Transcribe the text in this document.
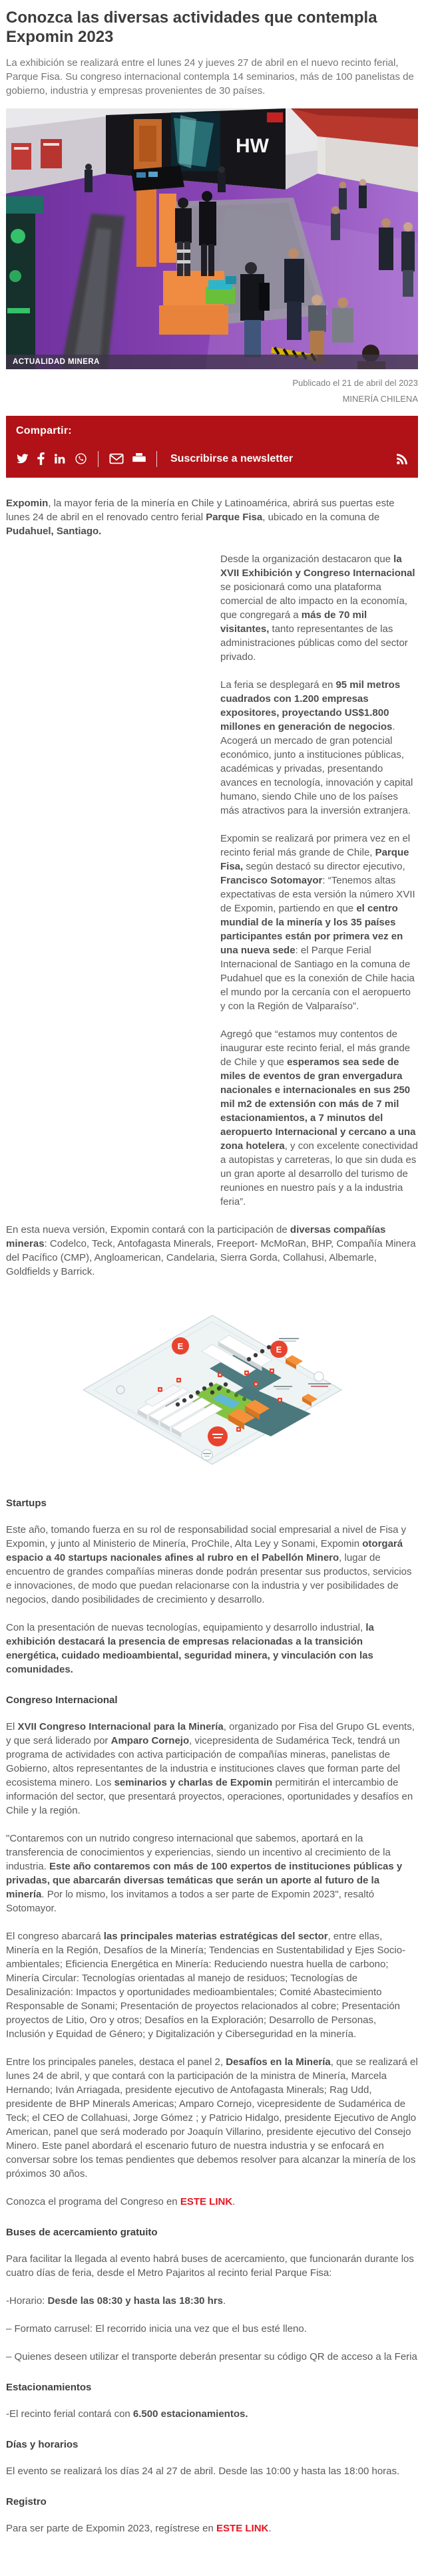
Conozca las diversas actividades que contempla Expomin 2023

La exhibición se realizará entre el lunes 24 y jueves 27 de abril en el nuevo recinto ferial, Parque Fisa. Su congreso internacional contempla 14 seminarios, más de 100 panelistas de gobierno, industria y empresas provenientes de 30 países.

HW
ACTUALIDAD MINERA
Publicado el 21 de abril del 2023
MINERÍA CHILENA
Compartir:
Suscribirse a newsletter

Expomin, la mayor feria de la minería en Chile y Latinoamérica, abrirá sus puertas este lunes 24 de abril en el renovado centro ferial Parque Fisa, ubicado en la comuna de Pudahuel, Santiago.

Desde la organización destacaron que la XVII Exhibición y Congreso Internacional se posicionará como una plataforma comercial de alto impacto en la economía, que congregará a más de 70 mil visitantes, tanto representantes de las administraciones públicas como del sector privado.

La feria se desplegará en 95 mil metros cuadrados con 1.200 empresas expositores, proyectando US$1.800 millones en generación de negocios. Acogerá un mercado de gran potencial económico, junto a instituciones públicas, académicas y privadas, presentando avances en tecnología, innovación y capital humano, siendo Chile uno de los países más atractivos para la inversión extranjera.

Expomin se realizará por primera vez en el recinto ferial más grande de Chile, Parque Fisa, según destacó su director ejecutivo, Francisco Sotomayor: “Tenemos altas expectativas de esta versión la número XVII de Expomin, partiendo en que el centro mundial de la minería y los 35 países participantes están por primera vez en una nueva sede: el Parque Ferial Internacional de Santiago en la comuna de Pudahuel que es la conexión de Chile hacia el mundo por la cercanía con el aeropuerto y con la Región de Valparaíso”.

Agregó que “estamos muy contentos de inaugurar este recinto ferial, el más grande de Chile y que esperamos sea sede de miles de eventos de gran envergadura nacionales e internacionales en sus 250 mil m2 de extensión con más de 7 mil estacionamientos, a 7 minutos del aeropuerto Internacional y cercano a una zona hotelera, y con excelente conectividad a autopistas y carreteras, lo que sin duda es un gran aporte al desarrollo del turismo de reuniones en nuestro país y a la industria feria”.

En esta nueva versión, Expomin contará con la participación de diversas compañías mineras: Codelco, Teck, Antofagasta Minerals, Freeport- McMoRan, BHP, Compañía Minera del Pacífico (CMP), Angloamerican, Candelaria, Sierra Gorda, Collahusi, Albemarle, Goldfields y Barrick.

E	E
Startups

Este año, tomando fuerza en su rol de responsabilidad social empresarial a nivel de Fisa y Expomin, y junto al Ministerio de Minería, ProChile, Alta Ley y Sonami, Expomin otorgará espacio a 40 startups nacionales afines al rubro en el Pabellón Minero, lugar de encuentro de grandes compañías mineras donde podrán presentar sus productos, servicios e innovaciones, de modo que puedan relacionarse con la industria y ver posibilidades de negocios, dando posibilidades de crecimiento y desarrollo.

Con la presentación de nuevas tecnologías, equipamiento y desarrollo industrial, la exhibición destacará la presencia de empresas relacionadas a la transición energética, cuidado medioambiental, seguridad minera, y vinculación con las comunidades.

Congreso Internacional

El XVII Congreso Internacional para la Minería, organizado por Fisa del Grupo GL events, y que será liderado por Amparo Cornejo, vicepresidenta de Sudamérica Teck, tendrá un programa de actividades con activa participación de compañías mineras, panelistas de Gobierno, altos representantes de la industria e instituciones claves que forman parte del ecosistema minero. Los seminarios y charlas de Expomin permitirán el intercambio de información del sector, que presentará proyectos, operaciones, oportunidades y desafíos en Chile y la región.

"Contaremos con un nutrido congreso internacional que sabemos, aportará en la transferencia de conocimientos y experiencias, siendo un incentivo al crecimiento de la industria. Este año contaremos con más de 100 expertos de instituciones públicas y privadas, que abarcarán diversas temáticas que serán un aporte al futuro de la minería. Por lo mismo, los invitamos a todos a ser parte de Expomin 2023", resaltó Sotomayor.

El congreso abarcará las principales materias estratégicas del sector, entre ellas, Minería en la Región, Desafíos de la Minería; Tendencias en Sustentabilidad y Ejes Socio-ambientales; Eficiencia Energética en Minería: Reduciendo nuestra huella de carbono; Minería Circular: Tecnologías orientadas al manejo de residuos; Tecnologías de Desalinización: Impactos y oportunidades medioambientales; Comité Abastecimiento Responsable de Sonami; Presentación de proyectos relacionados al cobre; Presentación proyectos de Litio, Oro y otros; Desafíos en la Exploración; Desarrollo de Personas, Inclusión y Equidad de Género; y Digitalización y Ciberseguridad en la minería.

Entre los principales paneles, destaca el panel 2, Desafíos en la Minería, que se realizará el lunes 24 de abril, y que contará con la participación de la ministra de Minería, Marcela Hernando; Iván Arriagada, presidente ejecutivo de Antofagasta Minerals; Rag Udd, presidente de BHP Minerals Americas; Amparo Cornejo, vicepresidente de Sudamérica de Teck; el CEO de Collahuasi, Jorge Gómez ; y Patricio Hidalgo, presidente Ejecutivo de Anglo American, panel que será moderado por Joaquín Villarino, presidente ejecutivo del Consejo Minero. Este panel abordará el escenario futuro de nuestra industria y se enfocará en conversar sobre los temas pendientes que debemos resolver para alcanzar la minería de los próximos 30 años.

Conozca el programa del Congreso en ESTE LINK.

Buses de acercamiento gratuito

Para facilitar la llegada al evento habrá buses de acercamiento, que funcionarán durante los cuatro días de feria, desde el Metro Pajaritos al recinto ferial Parque Fisa:

-Horario: Desde las 08:30 y hasta las 18:30 hrs.

– Formato carrusel: El recorrido inicia una vez que el bus esté lleno.

– Quienes deseen utilizar el transporte deberán presentar su código QR de acceso a la Feria

Estacionamientos

-El recinto ferial contará con 6.500 estacionamientos.

Días y horarios

El evento se realizará los días 24 al 27 de abril. Desde las 10:00 y hasta las 18:00 horas.

Registro

Para ser parte de Expomin 2023, regístrese en ESTE LINK.
